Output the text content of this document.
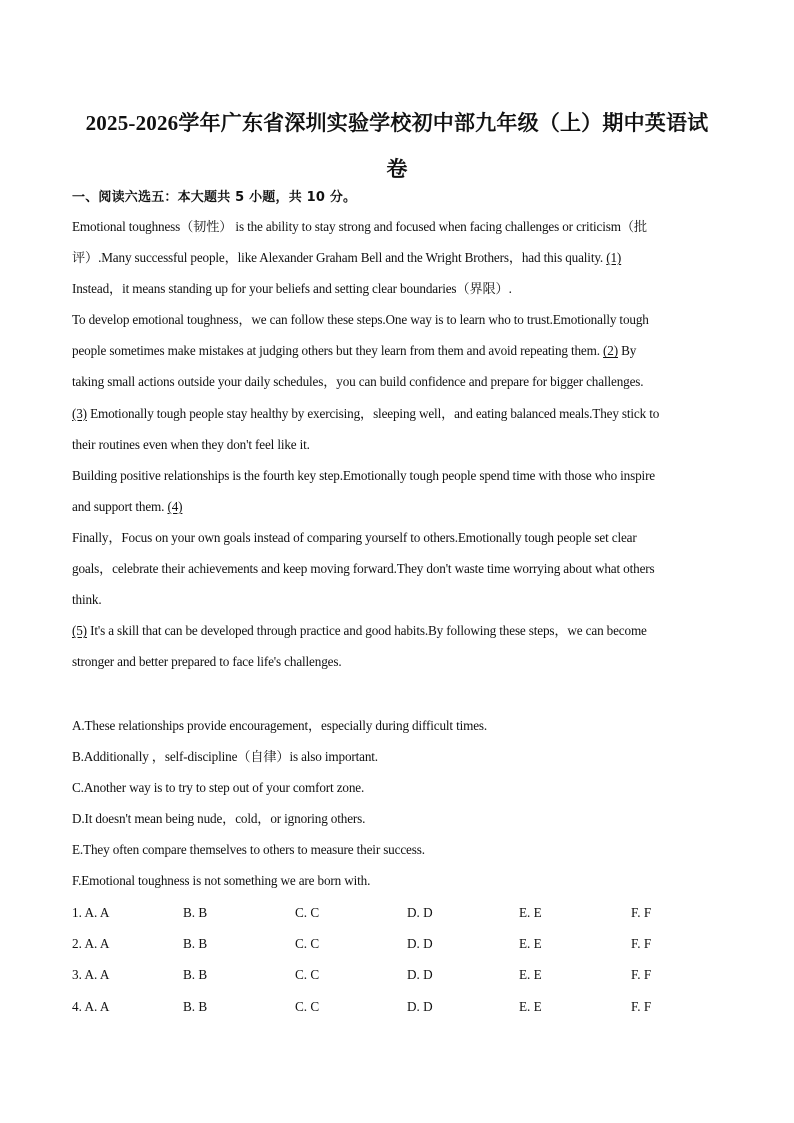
2025-2026学年广东省深圳实验学校初中部九年级（上）期中英语试
卷
一、阅读六选五：本大题共 5 小题，共 10 分。
Emotional toughness（韧性） is the ability to stay strong and focused when facing challenges or criticism（批
评）.Many successful people，like Alexander Graham Bell and the Wright Brothers，had this quality. (1)
Instead，it means standing up for your beliefs and setting clear boundaries（界限）.
To develop emotional toughness，we can follow these steps.One way is to learn who to trust.Emotionally tough
people sometimes make mistakes at judging others but they learn from them and avoid repeating them. (2) By
taking small actions outside your daily schedules，you can build confidence and prepare for bigger challenges.
(3) Emotionally tough people stay healthy by exercising，sleeping well，and eating balanced meals.They stick to
their routines even when they don't feel like it.
Building positive relationships is the fourth key step.Emotionally tough people spend time with those who inspire
and support them. (4)
Finally，Focus on your own goals instead of comparing yourself to others.Emotionally tough people set clear
goals，celebrate their achievements and keep moving forward.They don't waste time worrying about what others
think.
(5) It's a skill that can be developed through practice and good habits.By following these steps，we can become
stronger and better prepared to face life's challenges.
A.These relationships provide encouragement，especially during difficult times.
B.Additionally ，self-discipline（自律）is also important.
C.Another way is to try to step out of your comfort zone.
D.It doesn't mean being nude，cold，or ignoring others.
E.They often compare themselves to others to measure their success.
F.Emotional toughness is not something we are born with.
1. A. A	B. B	C. C	D. D	E. E	F. F
2. A. A	B. B	C. C	D. D	E. E	F. F
3. A. A	B. B	C. C	D. D	E. E	F. F
4. A. A	B. B	C. C	D. D	E. E	F. F
